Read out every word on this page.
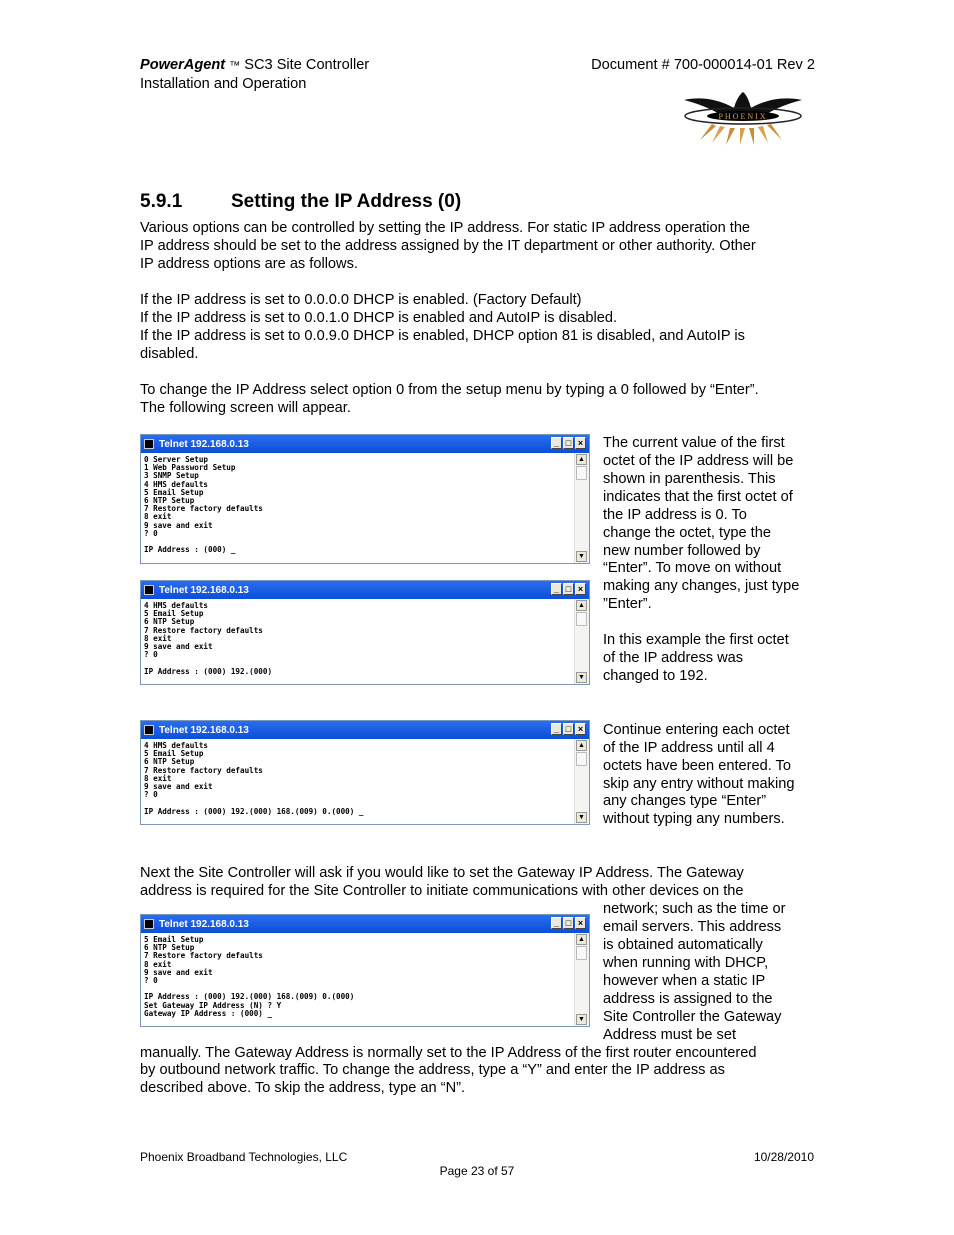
PowerAgent ™ SC3 Site Controller
Installation and Operation
Document # 700-000014-01 Rev 2
PHOENIX
5.9.1	Setting the IP Address (0)
Various options can be controlled by setting the IP address. For static IP address operation the
IP address should be set to the address assigned by the IT department or other authority. Other
IP address options are as follows.
If the IP address is set to 0.0.0.0 DHCP is enabled. (Factory Default)
If the IP address is set to 0.0.1.0 DHCP is enabled and AutoIP is disabled.
If the IP address is set to 0.0.9.0 DHCP is enabled, DHCP option 81 is disabled, and AutoIP is
disabled.
To change the IP Address select option 0 from the setup menu by typing a 0 followed by “Enter”.
The following screen will appear.
Telnet 192.168.0.13	_ □ ×
0 Server Setup
1 Web Password Setup
3 SNMP Setup
4 HMS defaults
5 Email Setup
6 NTP Setup
7 Restore factory defaults
8 exit
9 save and exit
? 0

IP Address : (000) _
▲
▼
Telnet 192.168.0.13	_ □ ×
4 HMS defaults
5 Email Setup
6 NTP Setup
7 Restore factory defaults
8 exit
9 save and exit
? 0

IP Address : (000) 192.(000)
▲
▼
The current value of the first
octet of the IP address will be
shown in parenthesis. This
indicates that the first octet of
the IP address is 0. To
change the octet, type the
new number followed by
“Enter”. To move on without
making any changes, just type
”Enter”.
In this example the first octet
of the IP address was
changed to 192.
Telnet 192.168.0.13	_ □ ×
4 HMS defaults
5 Email Setup
6 NTP Setup
7 Restore factory defaults
8 exit
9 save and exit
? 0

IP Address : (000) 192.(000) 168.(009) 0.(000) _
▲
▼
Continue entering each octet
of the IP address until all 4
octets have been entered. To
skip any entry without making
any changes type “Enter”
without typing any numbers.
Next the Site Controller will ask if you would like to set the Gateway IP Address. The Gateway
address is required for the Site Controller to initiate communications with other devices on the
Telnet 192.168.0.13	_ □ ×
5 Email Setup
6 NTP Setup
7 Restore factory defaults
8 exit
9 save and exit
? 0

IP Address : (000) 192.(000) 168.(009) 0.(000)
Set Gateway IP Address (N) ? Y
Gateway IP Address : (000) _
▲
▼
network; such as the time or
email servers. This address
is obtained automatically
when running with DHCP,
however when a static IP
address is assigned to the
Site Controller the Gateway
Address must be set
manually. The Gateway Address is normally set to the IP Address of the first router encountered
by outbound network traffic. To change the address, type a “Y” and enter the IP address as
described above. To skip the address, type an “N”.
Phoenix Broadband Technologies, LLC	10/28/2010
Page 23 of 57
